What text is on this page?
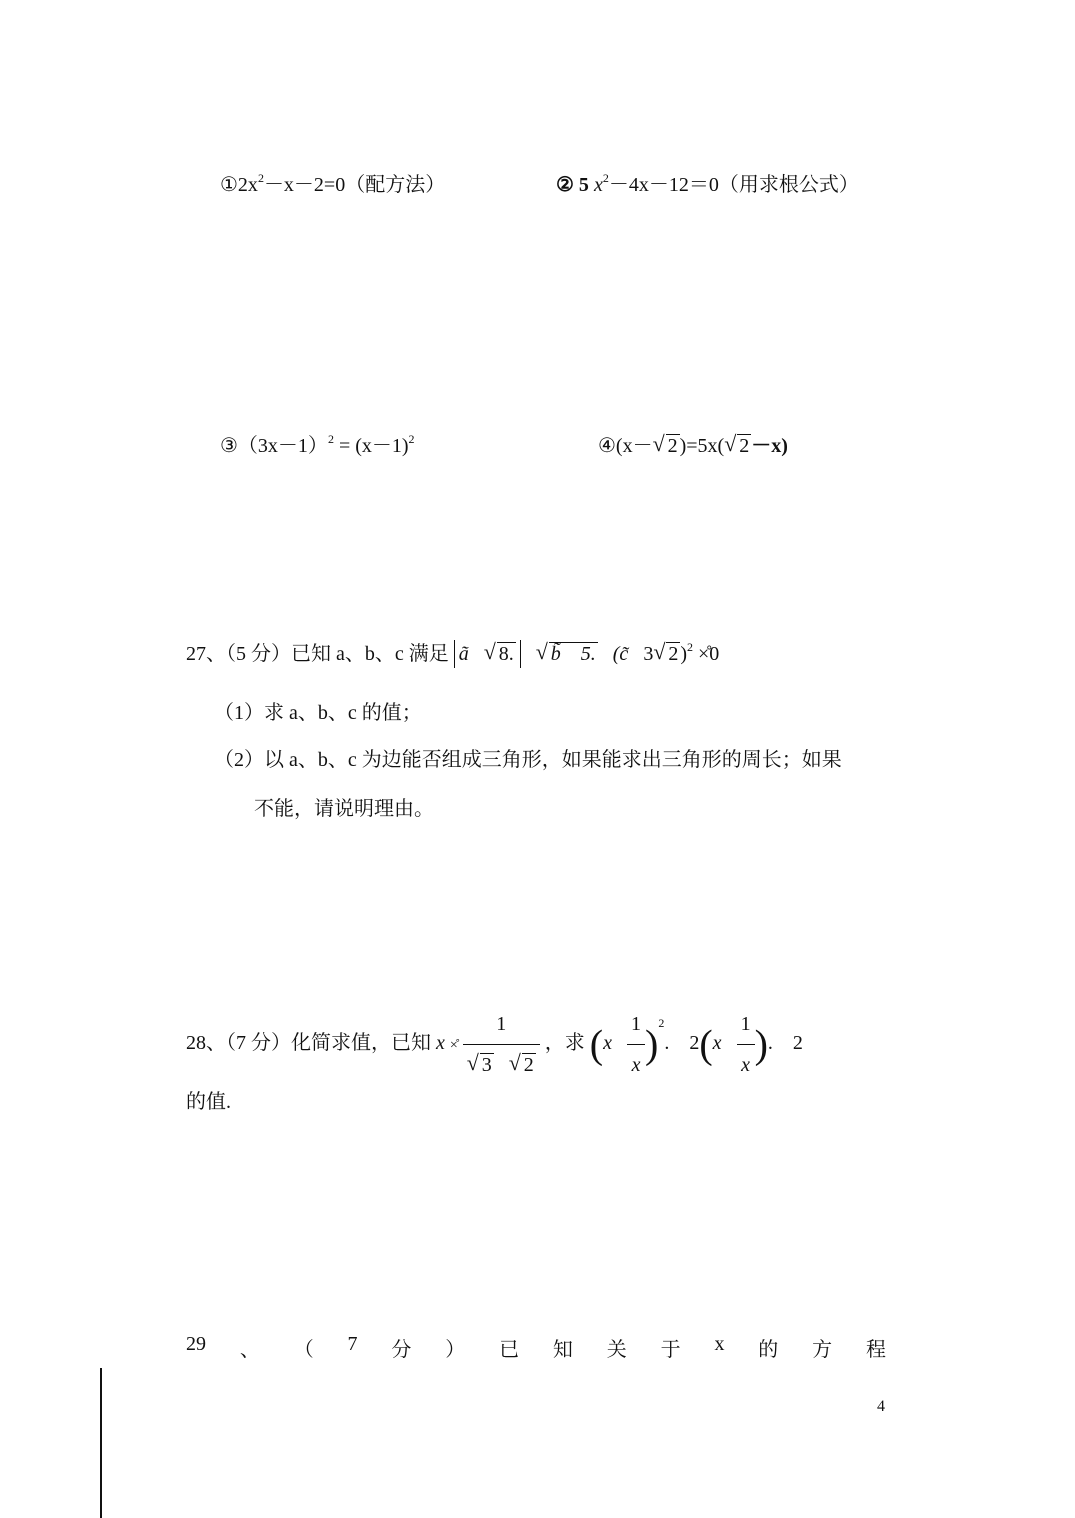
$①2x^2-x-2=0$（配方法）	② 5 $x^2-4x-12=0$（用求根公式）
$③(3x-1)^2 = (x-1)^2$	④(x－ √ 2 )=5x( √ 2 －x)
27、（5 分）已知 a、b、c 满足 ã √ 8. √ b̃　5. (c̃ 3 √ 2 )$^2$ ×̊0
（1）求 a、b、c 的值；
（2）以 a、b、c 为边能否组成三角形，如果能求出三角形的周长；如果
不能，请说明理由。
28、（7 分）化简求值，已知 x ×̊ 1
√ 3 √ 2 ，求 $(x \frac{1}{x} )^2$. $2(x \frac{1}{x}$ ). 2
的值.
29 、 （ 7 分 ） 已 知 关 于 x 的 方 程
4
